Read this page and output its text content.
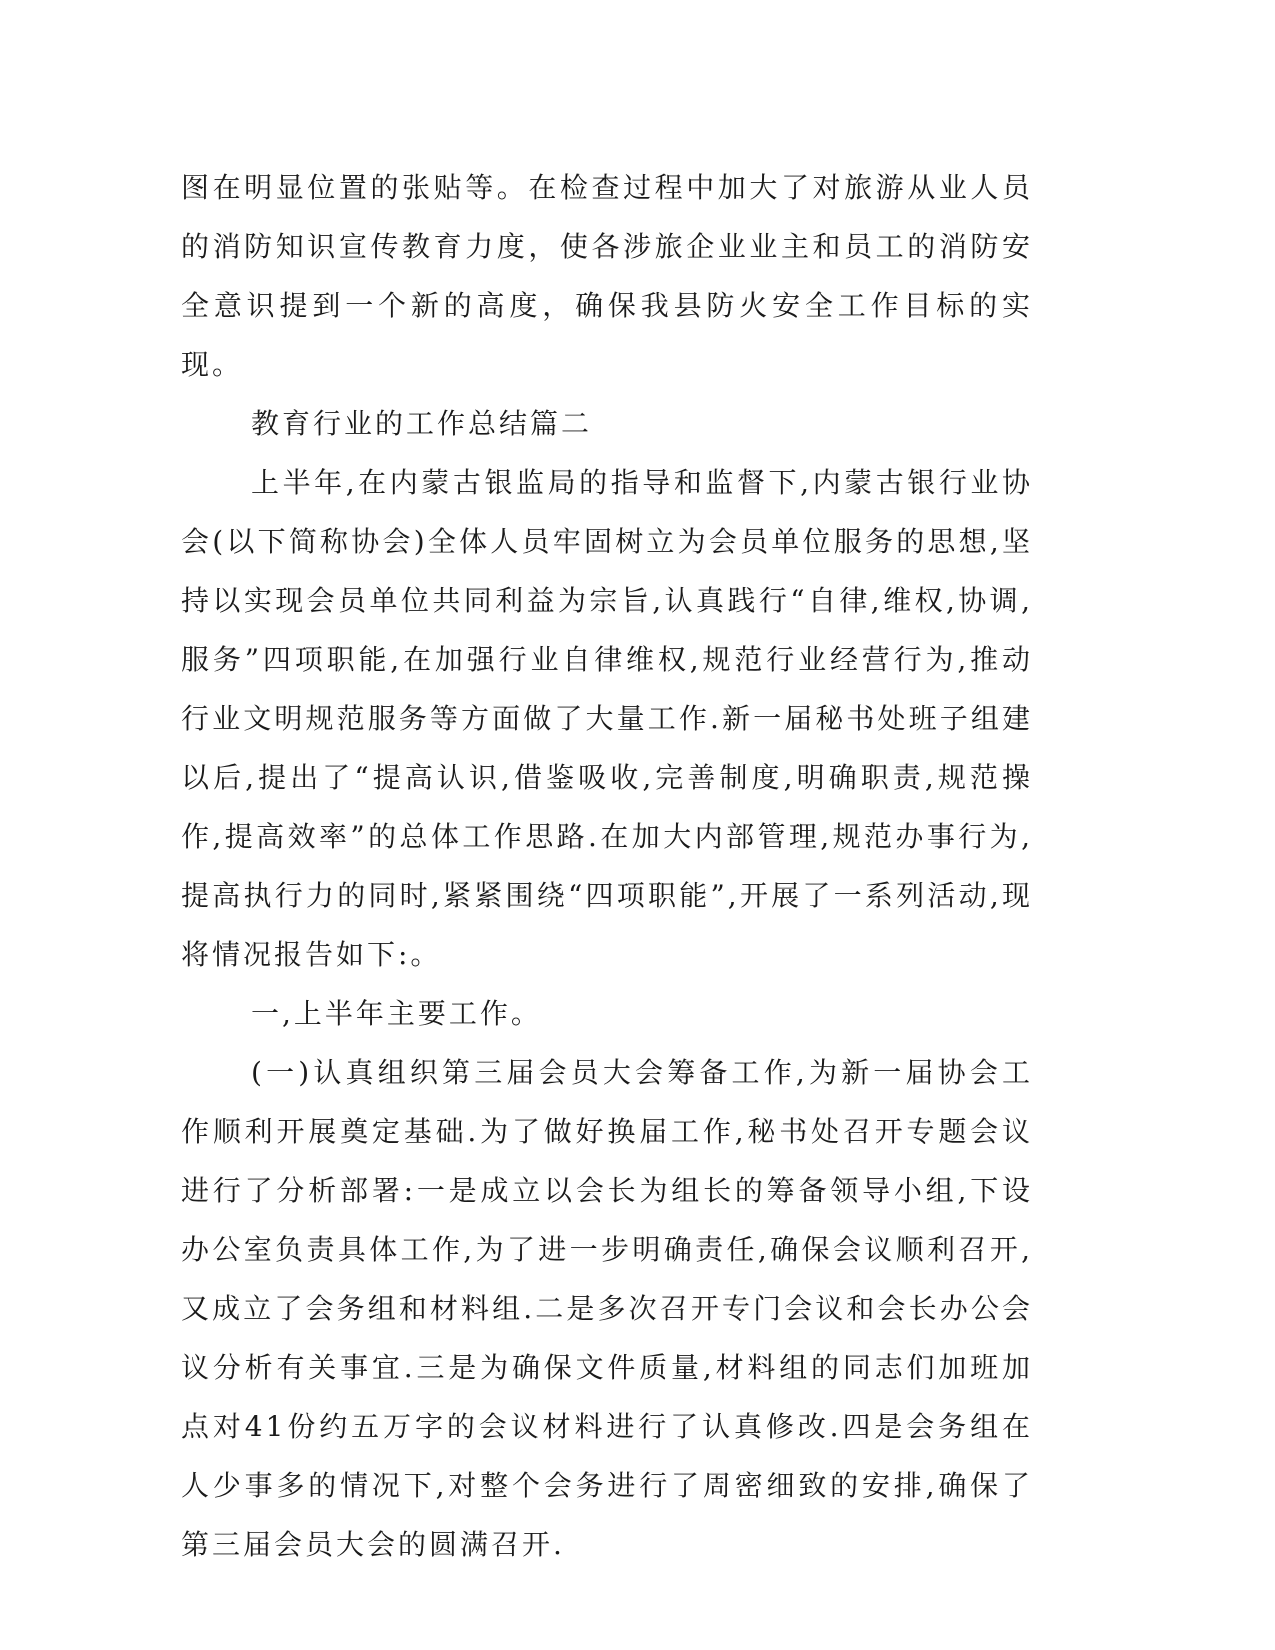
图在明显位置的张贴等。在检查过程中加大了对旅游从业人员的消防知识宣传教育力度，使各涉旅企业业主和员工的消防安全意识提到一个新的高度，确保我县防火安全工作目标的实现。

教育行业的工作总结篇二

上半年,在内蒙古银监局的指导和监督下,内蒙古银行业协会(以下简称协会)全体人员牢固树立为会员单位服务的思想,坚持以实现会员单位共同利益为宗旨,认真践行“自律,维权,协调,服务”四项职能,在加强行业自律维权,规范行业经营行为,推动行业文明规范服务等方面做了大量工作.新一届秘书处班子组建以后,提出了“提高认识,借鉴吸收,完善制度,明确职责,规范操作,提高效率”的总体工作思路.在加大内部管理,规范办事行为,提高执行力的同时,紧紧围绕“四项职能”,开展了一系列活动,现将情况报告如下:。

一,上半年主要工作。

(一)认真组织第三届会员大会筹备工作,为新一届协会工作顺利开展奠定基础.为了做好换届工作,秘书处召开专题会议进行了分析部署:一是成立以会长为组长的筹备领导小组,下设办公室负责具体工作,为了进一步明确责任,确保会议顺利召开,又成立了会务组和材料组.二是多次召开专门会议和会长办公会议分析有关事宜.三是为确保文件质量,材料组的同志们加班加点对41份约五万字的会议材料进行了认真修改.四是会务组在人少事多的情况下,对整个会务进行了周密细致的安排,确保了第三届会员大会的圆满召开.
